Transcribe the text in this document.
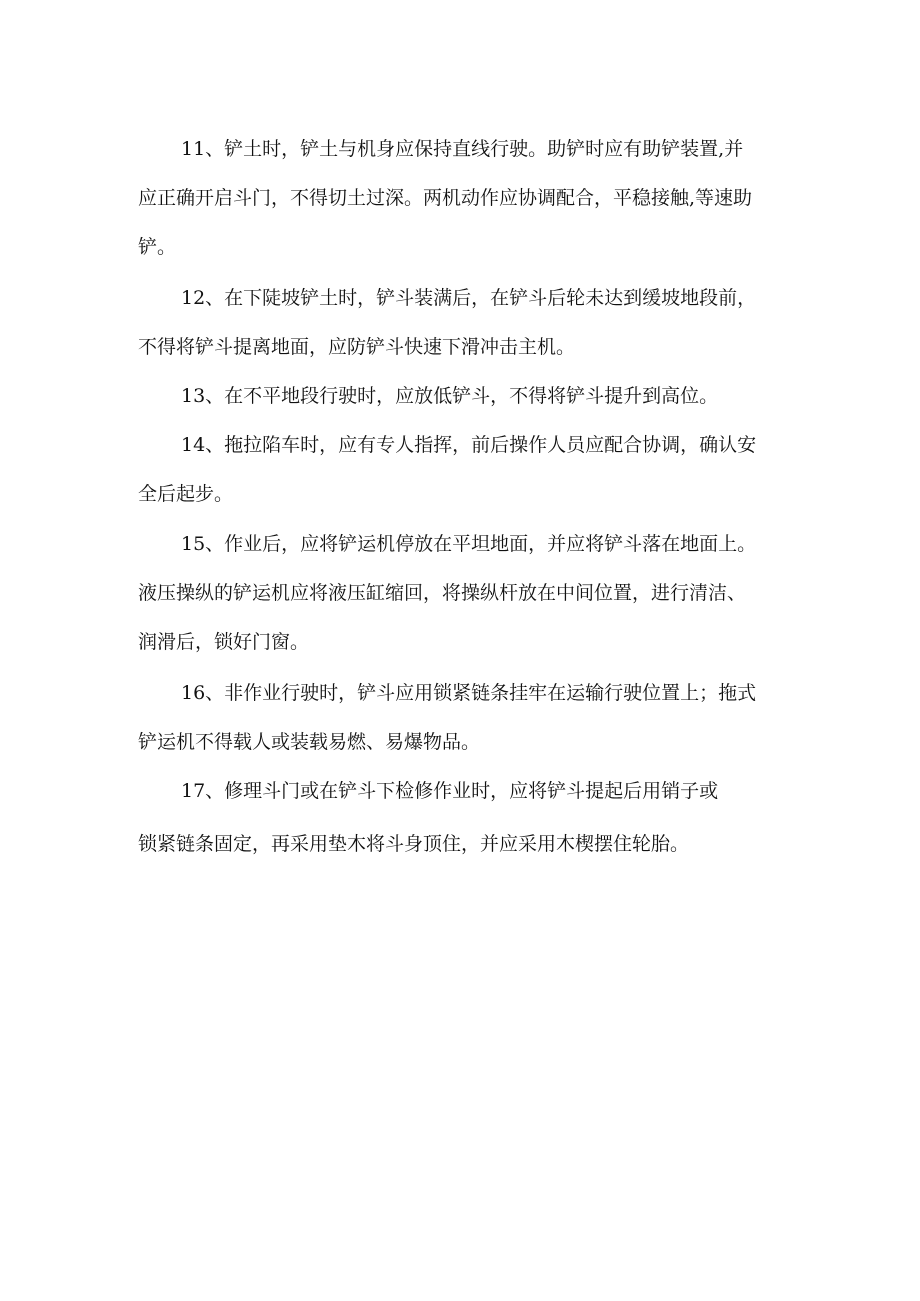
11、铲土时，铲土与机身应保持直线行驶。助铲时应有助铲装置,并
应正确开启斗门，不得切土过深。两机动作应协调配合，平稳接触,等速助
铲。
12、在下陡坡铲土时，铲斗装满后，在铲斗后轮未达到缓坡地段前，
不得将铲斗提离地面，应防铲斗快速下滑冲击主机。
13、在不平地段行驶时，应放低铲斗，不得将铲斗提升到高位。
14、拖拉陷车时，应有专人指挥，前后操作人员应配合协调，确认安
全后起步。
15、作业后，应将铲运机停放在平坦地面，并应将铲斗落在地面上。
液压操纵的铲运机应将液压缸缩回，将操纵杆放在中间位置，进行清洁、
润滑后，锁好门窗。
16、非作业行驶时，铲斗应用锁紧链条挂牢在运输行驶位置上；拖式
铲运机不得载人或装载易燃、易爆物品。
17、修理斗门或在铲斗下检修作业时，应将铲斗提起后用销子或
锁紧链条固定，再采用垫木将斗身顶住，并应采用木楔摆住轮胎。
